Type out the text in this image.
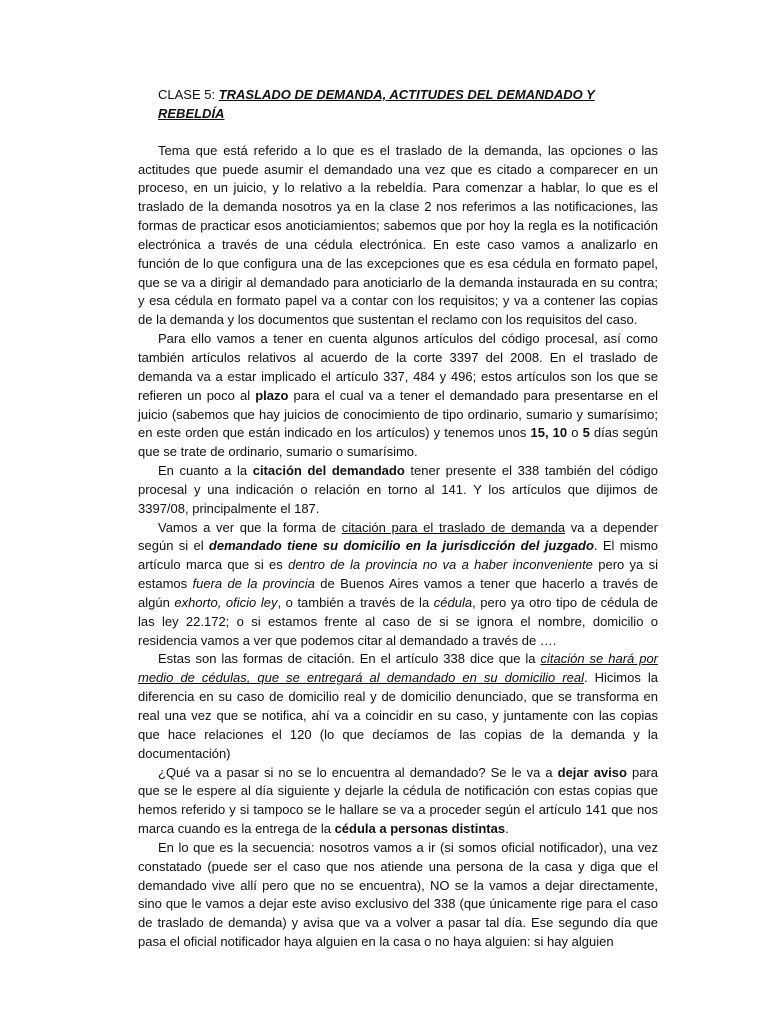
CLASE 5: TRASLADO DE DEMANDA, ACTITUDES DEL DEMANDADO Y REBELDÍA

Tema que está referido a lo que es el traslado de la demanda, las opciones o las actitudes que puede asumir el demandado una vez que es citado a comparecer en un proceso, en un juicio, y lo relativo a la rebeldía. Para comenzar a hablar, lo que es el traslado de la demanda nosotros ya en la clase 2 nos referimos a las notificaciones, las formas de practicar esos anoticiamientos; sabemos que por hoy la regla es la notificación electrónica a través de una cédula electrónica. En este caso vamos a analizarlo en función de lo que configura una de las excepciones que es esa cédula en formato papel, que se va a dirigir al demandado para anoticiarlo de la demanda instaurada en su contra; y esa cédula en formato papel va a contar con los requisitos; y va a contener las copias de la demanda y los documentos que sustentan el reclamo con los requisitos del caso.

Para ello vamos a tener en cuenta algunos artículos del código procesal, así como también artículos relativos al acuerdo de la corte 3397 del 2008. En el traslado de demanda va a estar implicado el artículo 337, 484 y 496; estos artículos son los que se refieren un poco al plazo para el cual va a tener el demandado para presentarse en el juicio (sabemos que hay juicios de conocimiento de tipo ordinario, sumario y sumarísimo; en este orden que están indicado en los artículos) y tenemos unos 15, 10 o 5 días según que se trate de ordinario, sumario o sumarísimo.

En cuanto a la citación del demandado tener presente el 338 también del código procesal y una indicación o relación en torno al 141. Y los artículos que dijimos de 3397/08, principalmente el 187.

Vamos a ver que la forma de citación para el traslado de demanda va a depender según si el demandado tiene su domicilio en la jurisdicción del juzgado. El mismo artículo marca que si es dentro de la provincia no va a haber inconveniente pero ya si estamos fuera de la provincia de Buenos Aires vamos a tener que hacerlo a través de algún exhorto, oficio ley, o también a través de la cédula, pero ya otro tipo de cédula de las ley 22.172; o si estamos frente al caso de si se ignora el nombre, domicilio o residencia vamos a ver que podemos citar al demandado a través de ….

Estas son las formas de citación. En el artículo 338 dice que la citación se hará por medio de cédulas, que se entregará al demandado en su domicilio real. Hicimos la diferencia en su caso de domicilio real y de domicilio denunciado, que se transforma en real una vez que se notifica, ahí va a coincidir en su caso, y juntamente con las copias que hace relaciones el 120 (lo que decíamos de las copias de la demanda y la documentación)

¿Qué va a pasar si no se lo encuentra al demandado? Se le va a dejar aviso para que se le espere al día siguiente y dejarle la cédula de notificación con estas copias que hemos referido y si tampoco se le hallare se va a proceder según el artículo 141 que nos marca cuando es la entrega de la cédula a personas distintas.

En lo que es la secuencia: nosotros vamos a ir (si somos oficial notificador), una vez constatado (puede ser el caso que nos atiende una persona de la casa y diga que el demandado vive allí pero que no se encuentra), NO se la vamos a dejar directamente, sino que le vamos a dejar este aviso exclusivo del 338 (que únicamente rige para el caso de traslado de demanda) y avisa que va a volver a pasar tal día. Ese segundo día que pasa el oficial notificador haya alguien en la casa o no haya alguien: si hay alguien
